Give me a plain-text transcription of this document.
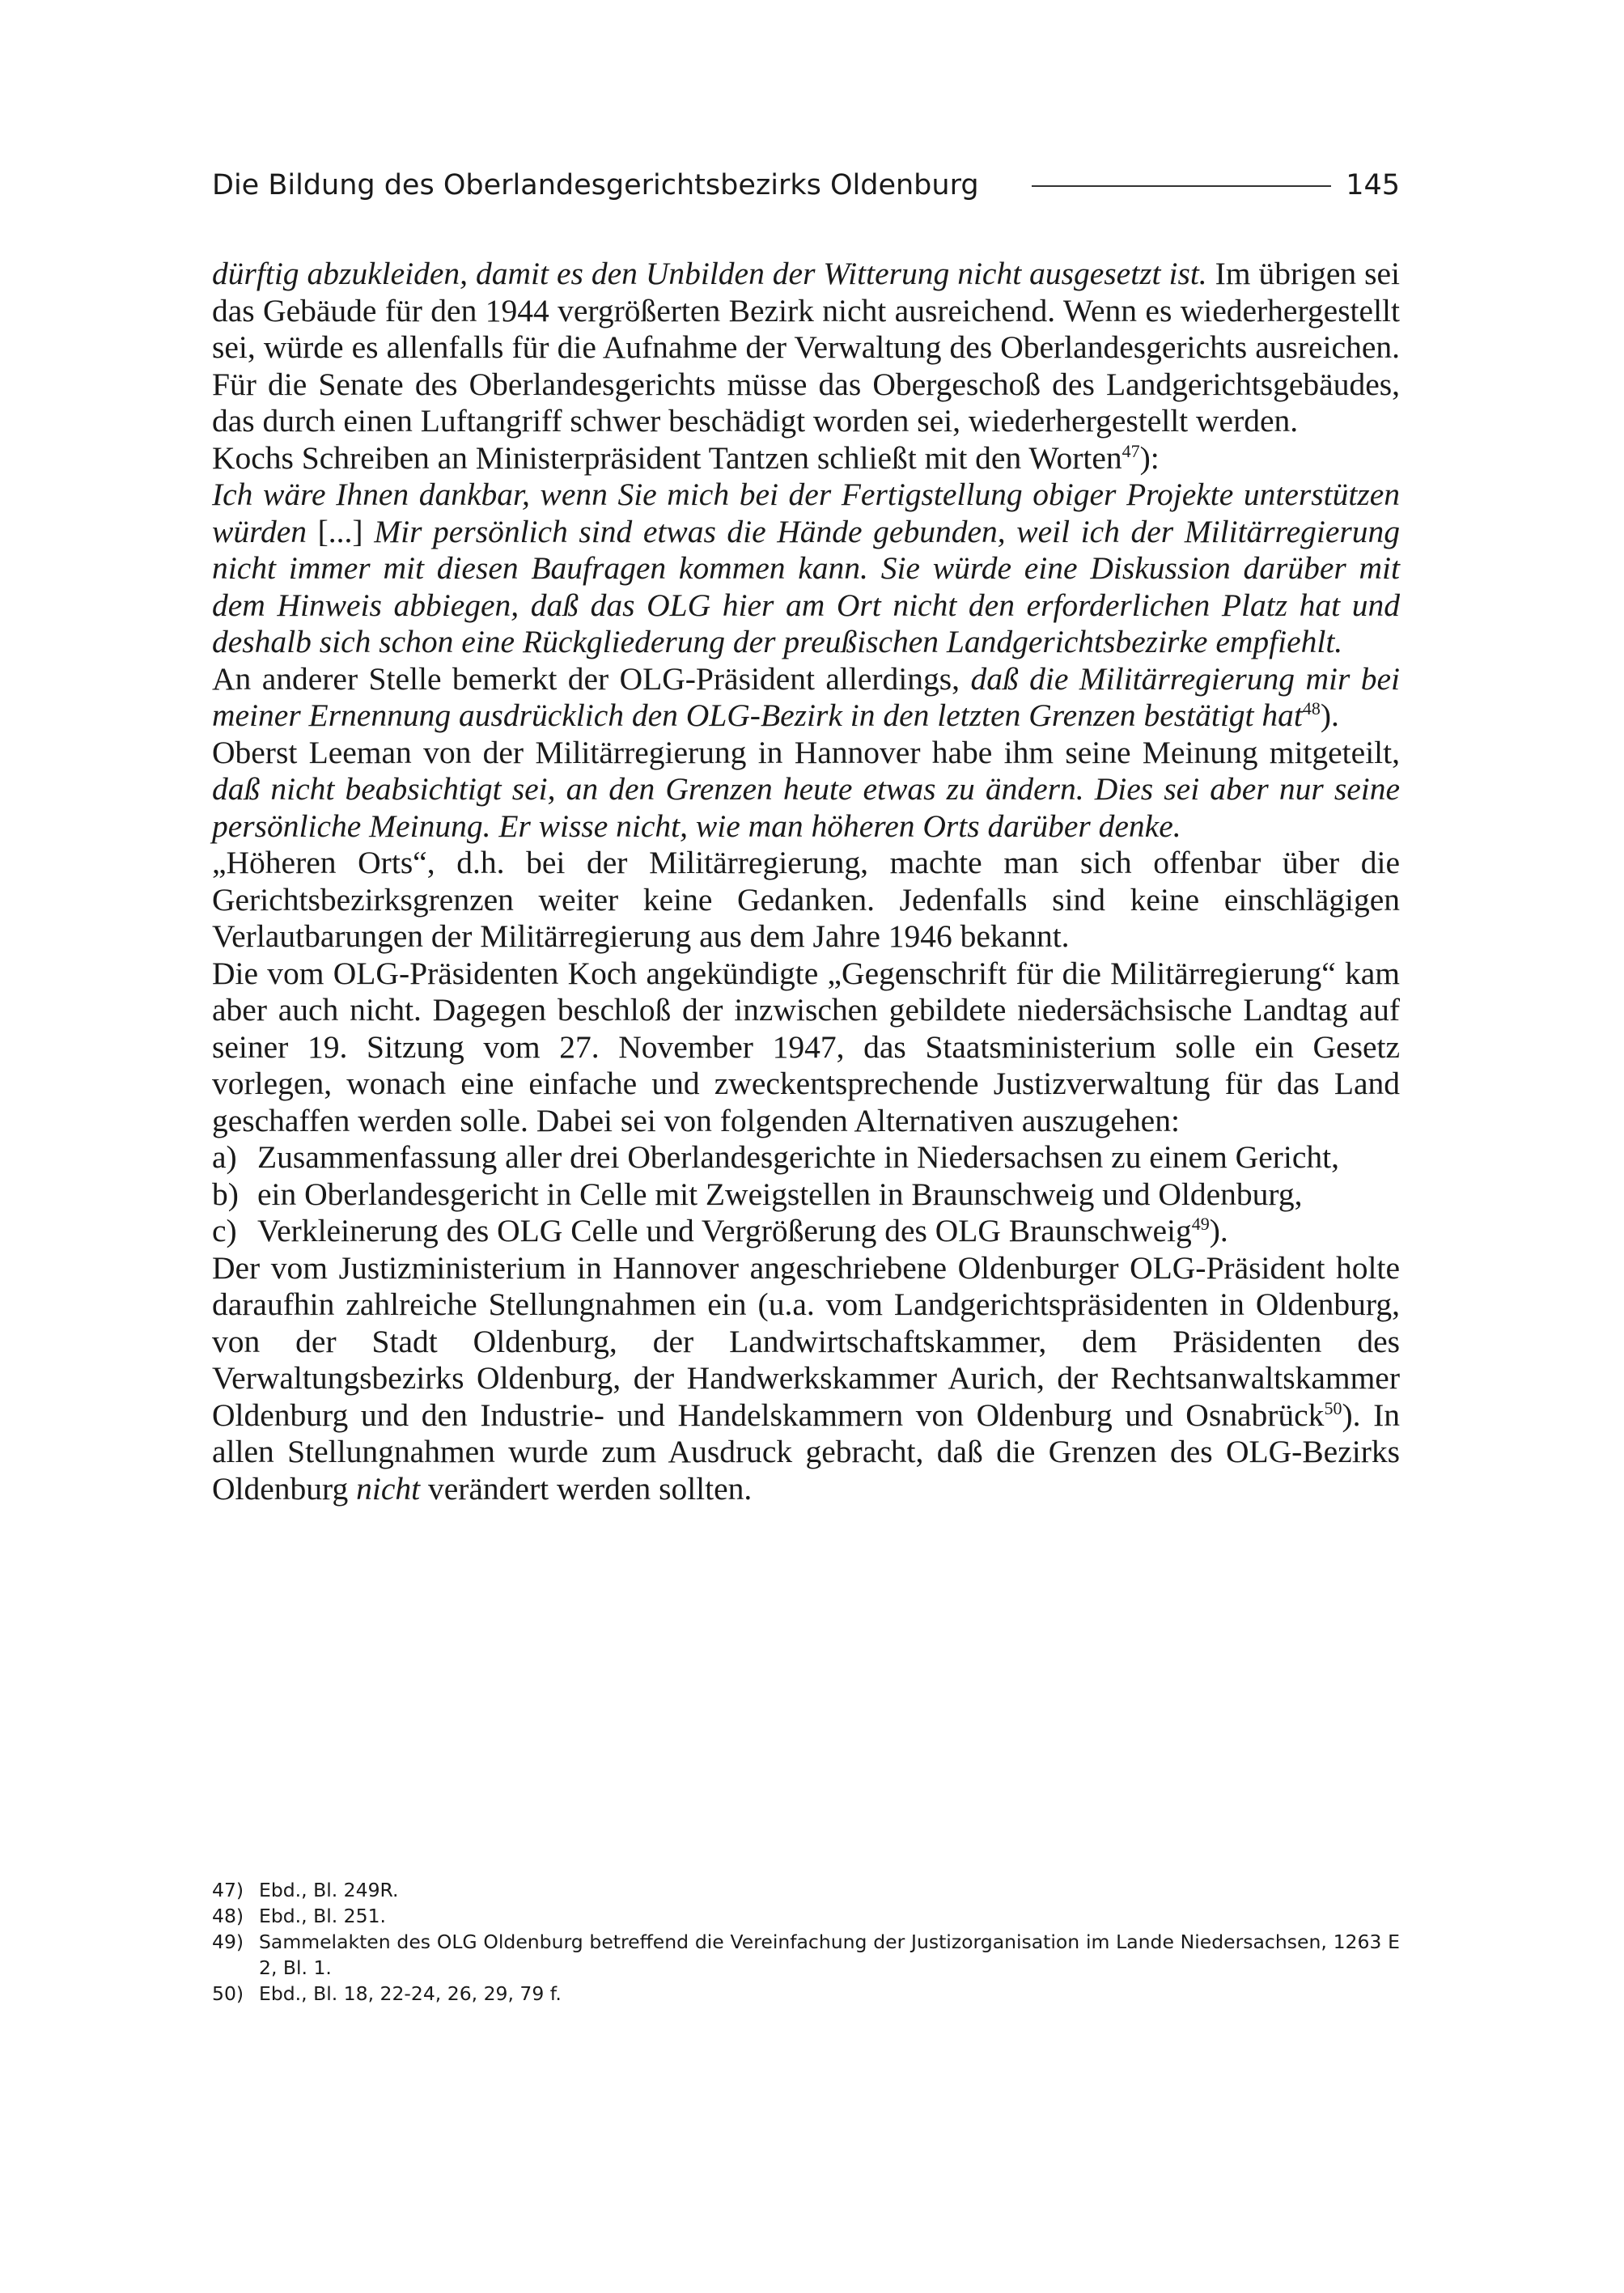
Die Bildung des Oberlandesgerichtsbezirks Oldenburg	145

dürftig abzukleiden, damit es den Unbilden der Witterung nicht ausgesetzt ist. Im übrigen sei das Gebäude für den 1944 vergrößerten Bezirk nicht ausreichend. Wenn es wiederhergestellt sei, würde es allenfalls für die Aufnahme der Verwaltung des Oberlandesgerichts ausreichen. Für die Senate des Oberlandesgerichts müsse das Obergeschoß des Landgerichtsgebäudes, das durch einen Luftangriff schwer beschädigt worden sei, wiederhergestellt werden.

Kochs Schreiben an Ministerpräsident Tantzen schließt mit den Worten$^{47}$):

Ich wäre Ihnen dankbar, wenn Sie mich bei der Fertigstellung obiger Projekte unterstützen würden [...] Mir persönlich sind etwas die Hände gebunden, weil ich der Militärregierung nicht immer mit diesen Baufragen kommen kann. Sie würde eine Diskussion darüber mit dem Hinweis abbiegen, daß das OLG hier am Ort nicht den erforderlichen Platz hat und deshalb sich schon eine Rückgliederung der preußischen Landgerichtsbezirke empfiehlt.

An anderer Stelle bemerkt der OLG-Präsident allerdings, daß die Militärregierung mir bei meiner Ernennung ausdrücklich den OLG-Bezirk in den letzten Grenzen bestätigt hat$^{48}$).

Oberst Leeman von der Militärregierung in Hannover habe ihm seine Meinung mitgeteilt, daß nicht beabsichtigt sei, an den Grenzen heute etwas zu ändern. Dies sei aber nur seine persönliche Meinung. Er wisse nicht, wie man höheren Orts darüber denke.

„Höheren Orts“, d.h. bei der Militärregierung, machte man sich offenbar über die Gerichtsbezirksgrenzen weiter keine Gedanken. Jedenfalls sind keine einschlägigen Verlautbarungen der Militärregierung aus dem Jahre 1946 bekannt.

Die vom OLG-Präsidenten Koch angekündigte „Gegenschrift für die Militärregierung“ kam aber auch nicht. Dagegen beschloß der inzwischen gebildete niedersächsische Landtag auf seiner 19. Sitzung vom 27. November 1947, das Staatsministerium solle ein Gesetz vorlegen, wonach eine einfache und zweckentsprechende Justizverwaltung für das Land geschaffen werden solle. Dabei sei von folgenden Alternativen auszugehen:

a) Zusammenfassung aller drei Oberlandesgerichte in Niedersachsen zu einem Gericht,
b) ein Oberlandesgericht in Celle mit Zweigstellen in Braunschweig und Oldenburg,
c) Verkleinerung des OLG Celle und Vergrößerung des OLG Braunschweig$^{49}$).

Der vom Justizministerium in Hannover angeschriebene Oldenburger OLG-Präsident holte daraufhin zahlreiche Stellungnahmen ein (u.a. vom Landgerichtspräsidenten in Oldenburg, von der Stadt Oldenburg, der Landwirtschaftskammer, dem Präsidenten des Verwaltungsbezirks Oldenburg, der Handwerkskammer Aurich, der Rechtsanwaltskammer Oldenburg und den Industrie- und Handelskammern von Oldenburg und Osnabrück$^{50}$). In allen Stellungnahmen wurde zum Ausdruck gebracht, daß die Grenzen des OLG-Bezirks Oldenburg nicht verändert werden sollten.

47) Ebd., Bl. 249R.
48) Ebd., Bl. 251.
49) Sammelakten des OLG Oldenburg betreffend die Vereinfachung der Justizorganisation im Lande Niedersachsen, 1263 E 2, Bl. 1.
50) Ebd., Bl. 18, 22-24, 26, 29, 79 f.
